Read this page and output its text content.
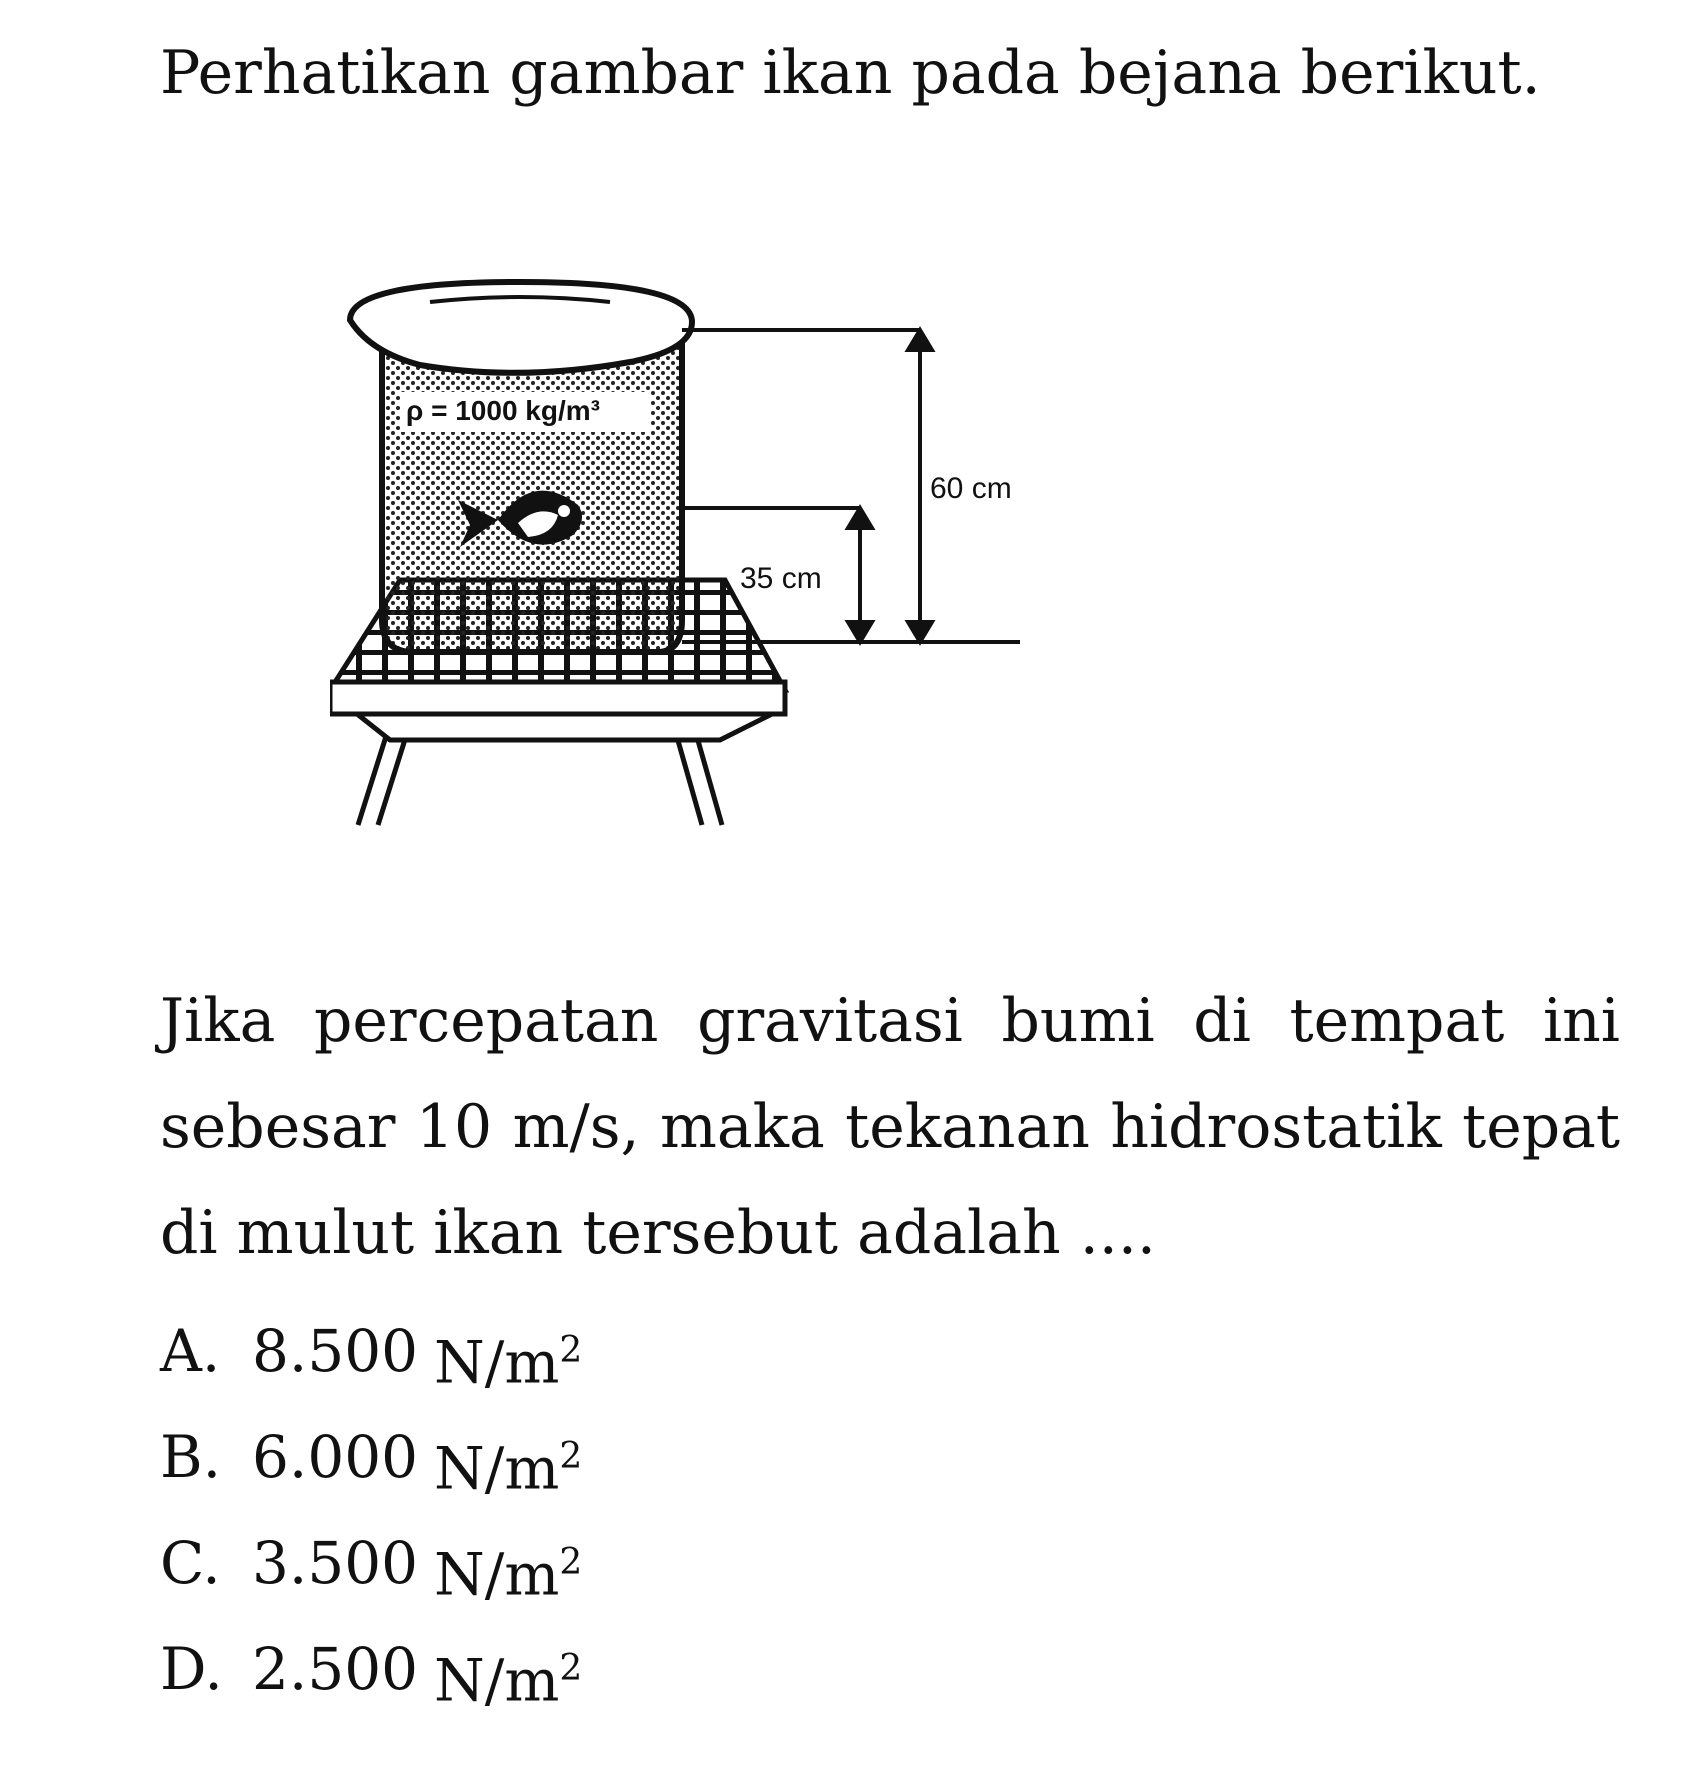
Perhatikan gambar ikan pada bejana berikut.

ρ = 1000 kg/m³
60 cm
35 cm

Jika percepatan gravitasi bumi di tempat ini sebesar 10 m/s, maka tekanan hidrostatik tepat di mulut ikan tersebut adalah ....

A. 8.500 $N/m^2$
B. 6.000 $N/m^2$
C. 3.500 $N/m^2$
D. 2.500 $N/m^2$
